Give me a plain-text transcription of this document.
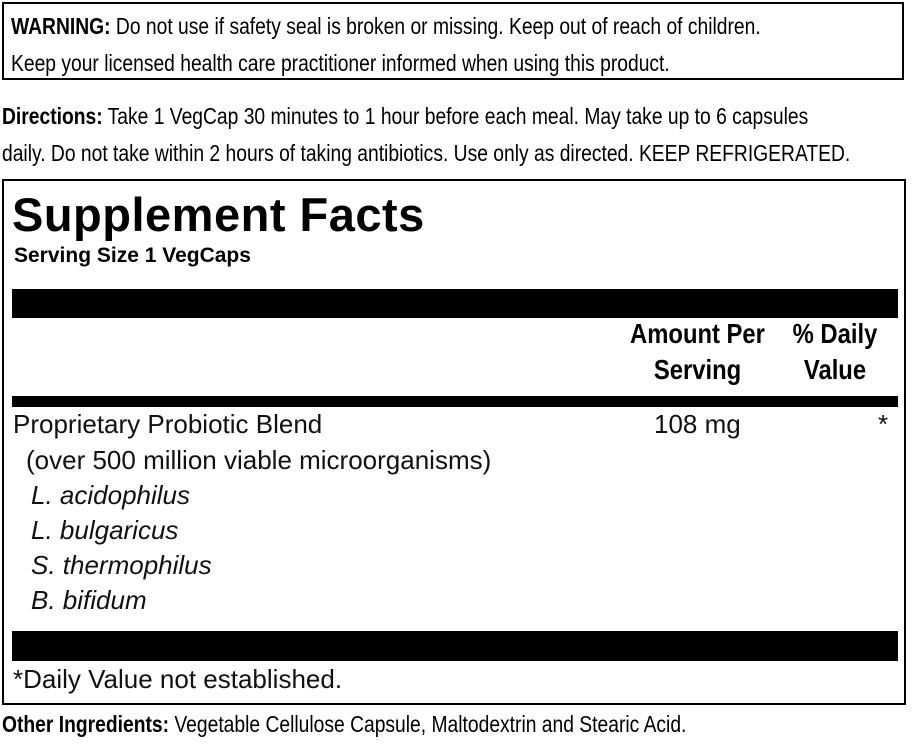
WARNING: Do not use if safety seal is broken or missing. Keep out of reach of children.

Keep your licensed health care practitioner informed when using this product.

Directions: Take 1 VegCap 30 minutes to 1 hour before each meal. May take up to 6 capsules
daily. Do not take within 2 hours of taking antibiotics. Use only as directed. KEEP REFRIGERATED.
Supplement Facts
Serving Size 1 VegCaps
Amount Per
Serving
% Daily
Value
Proprietary Probiotic Blend	108 mg	*
(over 500 million viable microorganisms)
L. acidophilus
L. bulgaricus
S. thermophilus
B. bifidum
*Daily Value not established.

Other Ingredients: Vegetable Cellulose Capsule, Maltodextrin and Stearic Acid.
